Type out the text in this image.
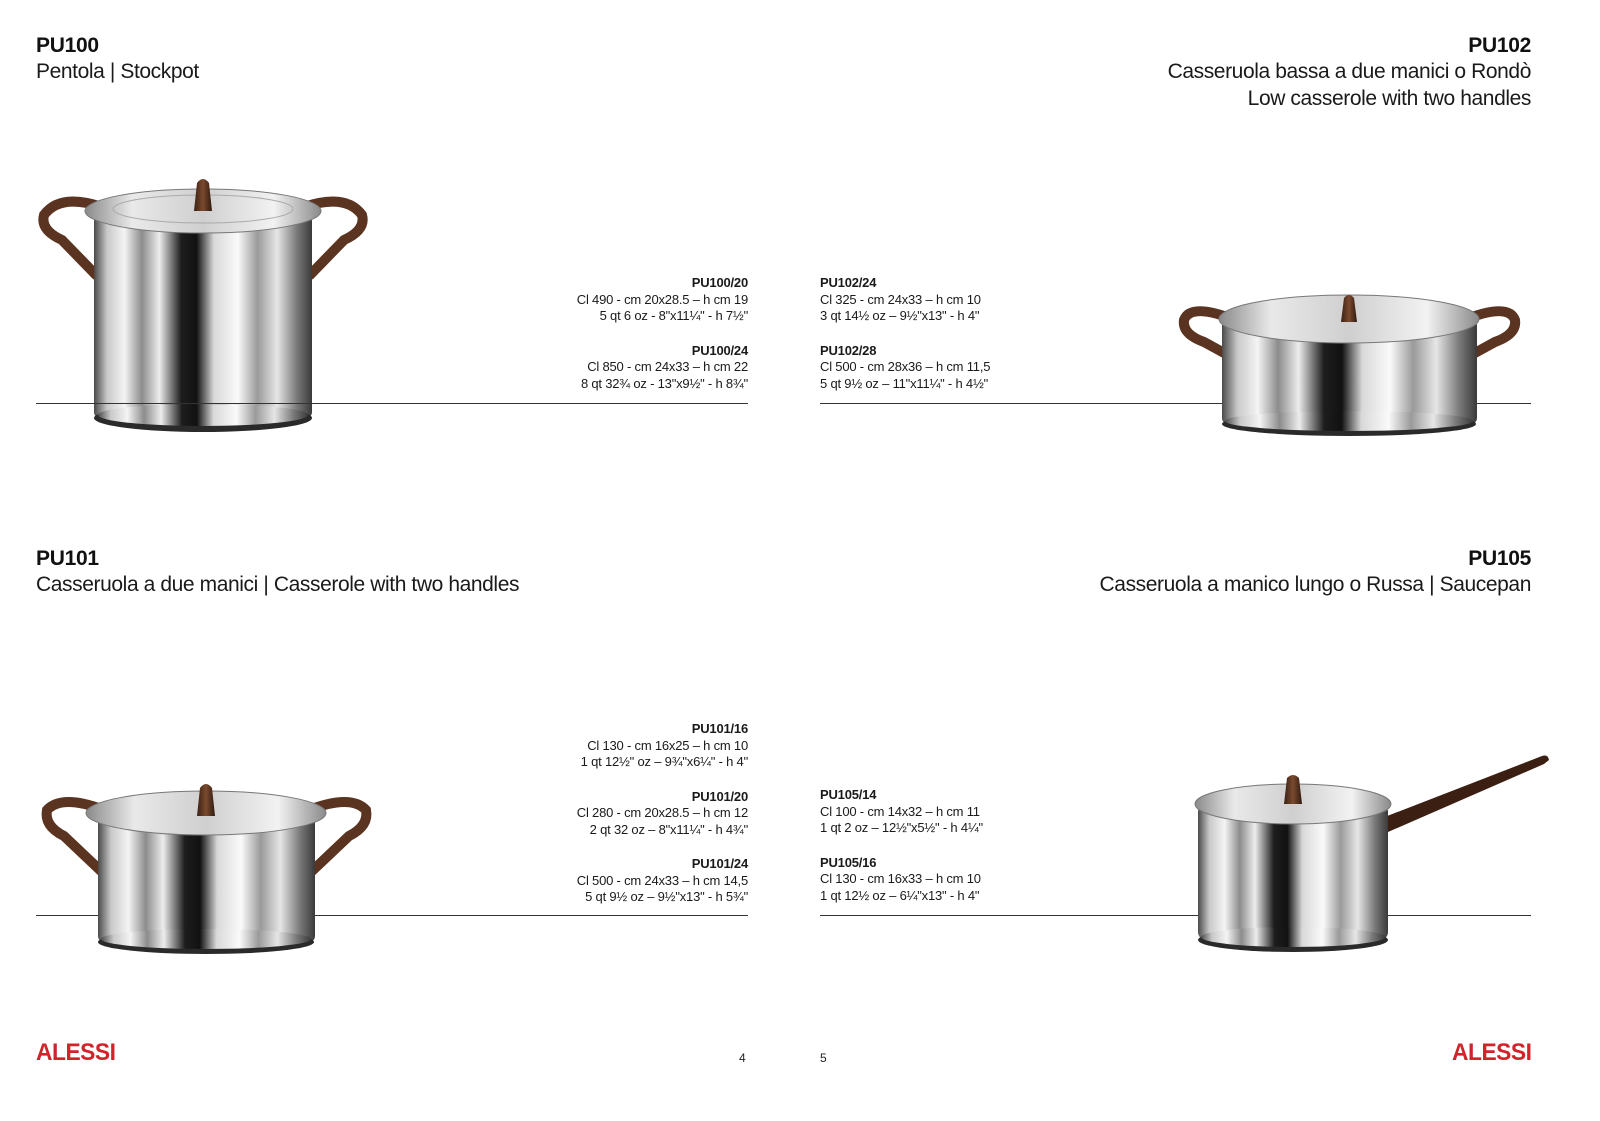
PU100
Pentola | Stockpot
PU100/20
Cl 490 - cm 20x28.5 – h cm 19
5 qt 6 oz - 8"x11¼" - h 7½"
PU100/24
Cl 850 - cm 24x33 – h cm 22
8 qt 32¾ oz - 13"x9½" - h 8¾"
PU102
Casseruola bassa a due manici o Rondò
Low casserole with two handles
PU102/24
Cl 325 - cm 24x33 – h cm 10
3 qt 14½ oz – 9½"x13" - h 4"
PU102/28
Cl 500 - cm 28x36 – h cm 11,5
5 qt 9½ oz – 11"x11¼" - h 4½"
PU101
Casseruola a due manici | Casserole with two handles
PU101/16
Cl 130 - cm 16x25 – h cm 10
1 qt 12½" oz – 9¾"x6¼" - h 4"
PU101/20
Cl 280 - cm 20x28.5 – h cm 12
2 qt 32 oz – 8"x11¼" - h 4¾"
PU101/24
Cl 500 - cm 24x33 – h cm 14,5
5 qt 9½ oz – 9½"x13" - h 5¾"
PU105
Casseruola a manico lungo o Russa | Saucepan
PU105/14
Cl 100 - cm 14x32 – h cm 11
1 qt 2 oz – 12½"x5½" - h 4¼"
PU105/16
Cl 130 - cm 16x33 – h cm 10
1 qt 12½ oz – 6¼"x13" - h 4"
ALESSI	4	5	ALESSI
